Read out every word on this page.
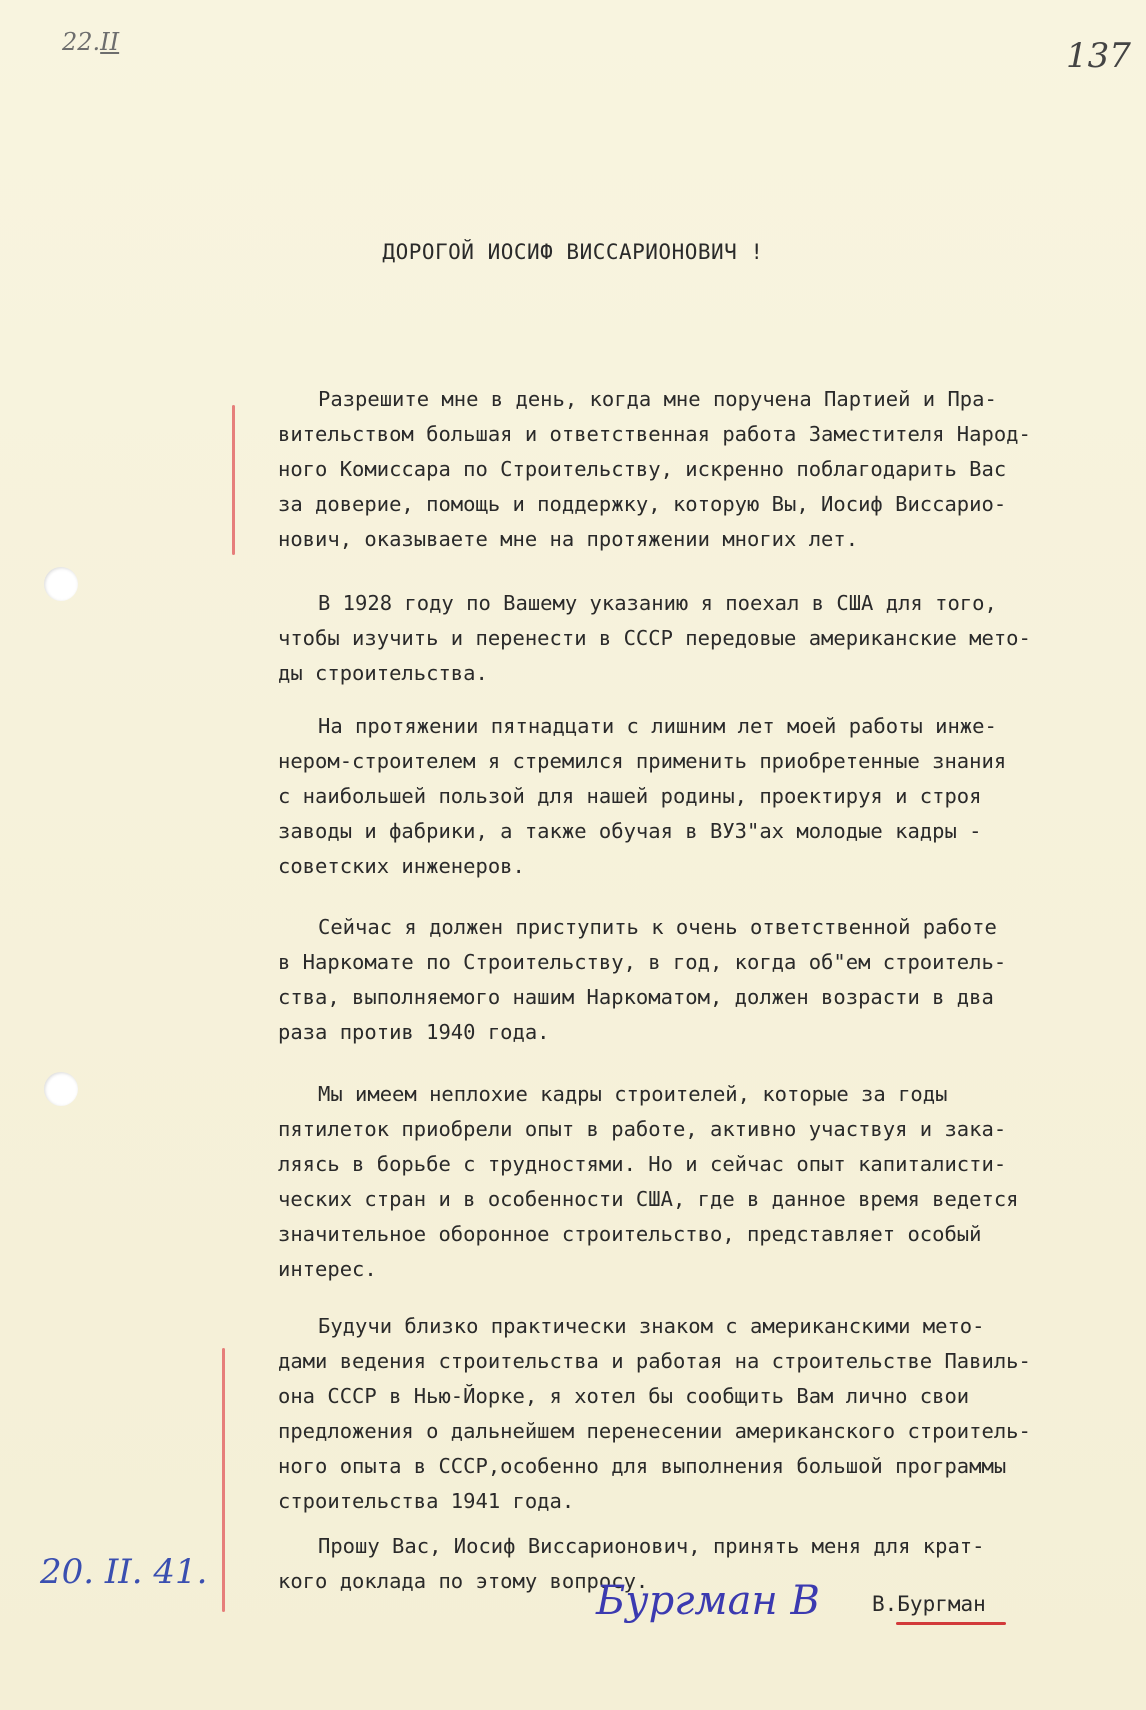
22.II	137
ДОРОГОЙ ИОСИФ ВИССАРИОНОВИЧ !
Разрешите мне в день, когда мне поручена Партией и Пра-
вительством большая и ответственная работа Заместителя Народ-
ного Комиссара по Строительству, искренно поблагодарить Вас
за доверие, помощь и поддержку, которую Вы, Иосиф Виссарио-
нович, оказываете мне на протяжении многих лет.
В 1928 году по Вашему указанию я поехал в США для того,
чтобы изучить и перенести в СССР передовые американские мето-
ды строительства.
На протяжении пятнадцати с лишним лет моей работы инже-
нером-строителем я стремился применить приобретенные знания
с наибольшей пользой для нашей родины, проектируя и строя
заводы и фабрики, а также обучая в ВУЗ"ах молодые кадры -
советских инженеров.
Сейчас я должен приступить к очень ответственной работе
в Наркомате по Строительству, в год, когда об"ем строитель-
ства, выполняемого нашим Наркоматом, должен возрасти в два
раза против 1940 года.
Мы имеем неплохие кадры строителей, которые за годы
пятилеток приобрели опыт в работе, активно участвуя и зака-
ляясь в борьбе с трудностями. Но и сейчас опыт капиталисти-
ческих стран и в особенности США, где в данное время ведется
значительное оборонное строительство, представляет особый
интерес.
Будучи близко практически знаком с американскими мето-
дами ведения строительства и работая на строительстве Павиль-
она СССР в Нью-Йорке, я хотел бы сообщить Вам лично свои
предложения о дальнейшем перенесении американского строитель-
ного опыта в СССР,особенно для выполнения большой программы
строительства 1941 года.
Прошу Вас, Иосиф Виссарионович, принять меня для крат-
кого доклада по этому вопросу.
20. II. 41.
Бургман В В.Бургман
